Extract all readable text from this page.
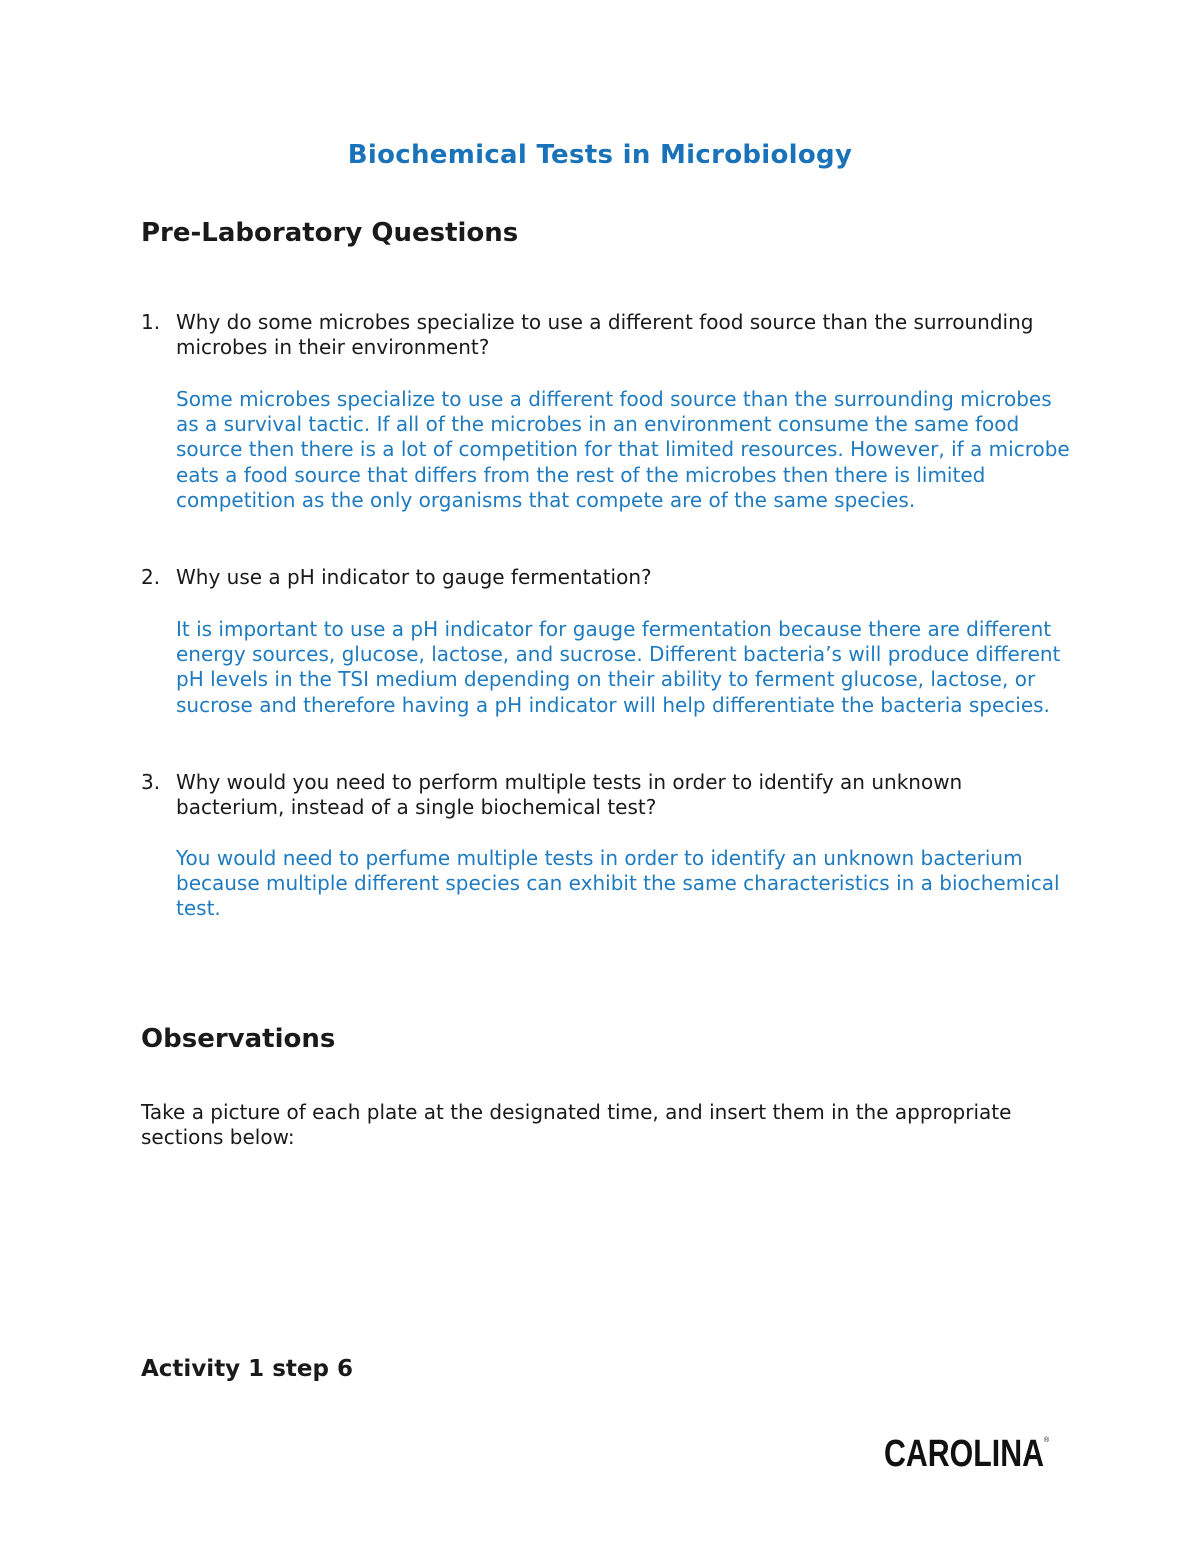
Biochemical Tests in Microbiology
Pre-Laboratory Questions
1. Why do some microbes specialize to use a different food source than the surrounding microbes in their environment?
Some microbes specialize to use a different food source than the surrounding microbes as a survival tactic. If all of the microbes in an environment consume the same food source then there is a lot of competition for that limited resources. However, if a microbe eats a food source that differs from the rest of the microbes then there is limited competition as the only organisms that compete are of the same species.
2. Why use a pH indicator to gauge fermentation?
It is important to use a pH indicator for gauge fermentation because there are different energy sources, glucose, lactose, and sucrose. Different bacteria’s will produce different pH levels in the TSI medium depending on their ability to ferment glucose, lactose, or sucrose and therefore having a pH indicator will help differentiate the bacteria species.
3. Why would you need to perform multiple tests in order to identify an unknown bacterium, instead of a single biochemical test?
You would need to perfume multiple tests in order to identify an unknown bacterium because multiple different species can exhibit the same characteristics in a biochemical test.
Observations
Take a picture of each plate at the designated time, and insert them in the appropriate sections below:
Activity 1 step 6
CAROLINA ®
